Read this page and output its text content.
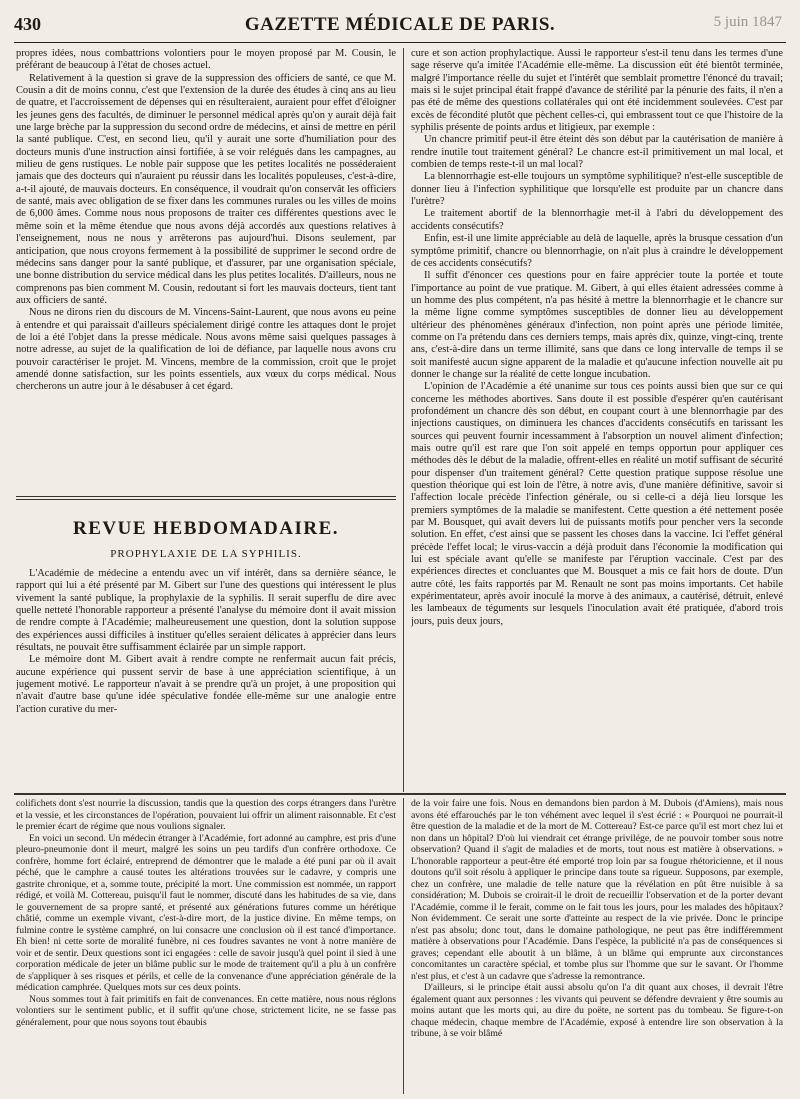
430	GAZETTE MÉDICALE DE PARIS.	5 juin 1847

propres idées, nous combattrions volontiers pour le moyen proposé par M. Cousin, le préférant de beaucoup à l'état de choses actuel.

Relativement à la question si grave de la suppression des officiers de santé, ce que M. Cousin a dit de moins connu, c'est que l'extension de la durée des études à cinq ans au lieu de quatre, et l'accroissement de dépenses qui en résulteraient, auraient pour effet d'éloigner les jeunes gens des facultés, de diminuer le personnel médical après qu'on y aurait déjà fait une large brèche par la suppression du second ordre de médecins, et ainsi de mettre en péril la santé publique. C'est, en second lieu, qu'il y aurait une sorte d'humiliation pour des docteurs munis d'une instruction ainsi fortifiée, à se voir relégués dans les campagnes, au milieu de gens rustiques. Le noble pair suppose que les petites localités ne posséderaient jamais que des docteurs qui n'auraient pu réussir dans les localités populeuses, c'est-à-dire, a-t-il ajouté, de mauvais docteurs. En conséquence, il voudrait qu'on conservât les officiers de santé, mais avec obligation de se fixer dans les communes rurales ou les villes de moins de 6,000 âmes. Comme nous nous proposons de traiter ces différentes questions avec le même soin et la même étendue que nous avons déjà accordés aux questions relatives à l'enseignement, nous ne nous y arrêterons pas aujourd'hui. Disons seulement, par anticipation, que nous croyons fermement à la possibilité de supprimer le second ordre de médecins sans danger pour la santé publique, et d'assurer, par une organisation spéciale, une bonne distribution du service médical dans les plus petites localités. D'ailleurs, nous ne comprenons pas bien comment M. Cousin, redoutant si fort les mauvais docteurs, tient tant aux officiers de santé.

Nous ne dirons rien du discours de M. Vincens-Saint-Laurent, que nous avons eu peine à entendre et qui paraissait d'ailleurs spécialement dirigé contre les attaques dont le projet de loi a été l'objet dans la presse médicale. Nous avons même saisi quelques passages à notre adresse, au sujet de la qualification de loi de défiance, par laquelle nous avons cru pouvoir caractériser le projet. M. Vincens, membre de la commission, croit que le projet amendé donne satisfaction, sur les points essentiels, aux vœux du corps médical. Nous chercherons un autre jour à le désabuser à cet égard.

REVUE HEBDOMADAIRE.
PROPHYLAXIE DE LA SYPHILIS.

L'Académie de médecine a entendu avec un vif intérêt, dans sa dernière séance, le rapport qui lui a été présenté par M. Gibert sur l'une des questions qui intéressent le plus vivement la santé publique, la prophylaxie de la syphilis. Il serait superflu de dire avec quelle netteté l'honorable rapporteur a présenté l'analyse du mémoire dont il avait mission de rendre compte à l'Académie; malheureusement une question, dont la solution suppose des expériences aussi difficiles à instituer qu'elles seraient délicates à apprécier dans leurs résultats, ne pouvait être suffisamment éclairée par un simple rapport.

Le mémoire dont M. Gibert avait à rendre compte ne renfermait aucun fait précis, aucune expérience qui pussent servir de base à une appréciation scientifique, à un jugement motivé. Le rapporteur n'avait à se prendre qu'à un projet, à une proposition qui n'avait d'autre base qu'une idée spéculative fondée elle-même sur une analogie entre l'action curative du mer-

cure et son action prophylactique. Aussi le rapporteur s'est-il tenu dans les termes d'une sage réserve qu'a imitée l'Académie elle-même. La discussion eût été bientôt terminée, malgré l'importance réelle du sujet et l'intérêt que semblait promettre l'énoncé du travail; mais si le sujet principal était frappé d'avance de stérilité par la pénurie des faits, il n'en a pas été de même des questions collatérales qui ont été incidemment soulevées. C'est par excès de fécondité plutôt que pèchent celles-ci, qui embrassent tout ce que l'histoire de la syphilis présente de points ardus et litigieux, par exemple :

Un chancre primitif peut-il être éteint dès son début par la cautérisation de manière à rendre inutile tout traitement général? Le chancre est-il primitivement un mal local, et combien de temps reste-t-il un mal local?

La blennorrhagie est-elle toujours un symptôme syphilitique? n'est-elle susceptible de donner lieu à l'infection syphilitique que lorsqu'elle est produite par un chancre dans l'urètre?

Le traitement abortif de la blennorrhagie met-il à l'abri du développement des accidents consécutifs?

Enfin, est-il une limite appréciable au delà de laquelle, après la brusque cessation d'un symptôme primitif, chancre ou blennorrhagie, on n'ait plus à craindre le développement de ces accidents consécutifs?

Il suffit d'énoncer ces questions pour en faire apprécier toute la portée et toute l'importance au point de vue pratique. M. Gibert, à qui elles étaient adressées comme à un homme des plus compétent, n'a pas hésité à mettre la blennorrhagie et le chancre sur la même ligne comme symptômes susceptibles de donner lieu au développement ultérieur des phénomènes généraux d'infection, non point après une période limitée, comme on l'a prétendu dans ces derniers temps, mais après dix, quinze, vingt-cinq, trente ans, c'est-à-dire dans un terme illimité, sans que dans ce long intervalle de temps il se soit manifesté aucun signe apparent de la maladie et qu'aucune infection nouvelle ait pu donner le change sur la réalité de cette longue incubation.

L'opinion de l'Académie a été unanime sur tous ces points aussi bien que sur ce qui concerne les méthodes abortives. Sans doute il est possible d'espérer qu'en cautérisant profondément un chancre dès son début, en coupant court à une blennorrhagie par des injections caustiques, on diminuera les chances d'accidents consécutifs en tarissant les sources qui peuvent fournir incessamment à l'absorption un nouvel aliment d'infection; mais outre qu'il est rare que l'on soit appelé en temps opportun pour appliquer ces méthodes dès le début de la maladie, offrent-elles en réalité un motif suffisant de sécurité pour dispenser d'un traitement général? Cette question pratique suppose résolue une question théorique qui est loin de l'être, à notre avis, d'une manière définitive, savoir si l'affection locale précède l'infection générale, ou si celle-ci a déjà lieu lorsque les premiers symptômes de la maladie se manifestent. Cette question a été nettement posée par M. Bousquet, qui avait devers lui de puissants motifs pour pencher vers la seconde solution. En effet, c'est ainsi que se passent les choses dans la vaccine. Ici l'effet général précède l'effet local; le virus-vaccin a déjà produit dans l'économie la modification qui lui est spéciale avant qu'elle se manifeste par l'éruption vaccinale. C'est par des expériences directes et concluantes que M. Bousquet a mis ce fait hors de doute. D'un autre côté, les faits rapportés par M. Renault ne sont pas moins importants. Cet habile expérimentateur, après avoir inoculé la morve à des animaux, a cautérisé, détruit, enlevé les lambeaux de téguments sur lesquels l'inoculation avait été pratiquée, d'abord trois jours, puis deux jours,

colifichets dont s'est nourrie la discussion, tandis que la question des corps étrangers dans l'urètre et la vessie, et les circonstances de l'opération, pouvaient lui offrir un aliment raisonnable. Et c'est le premier écart de régime que nous voulions signaler.

En voici un second. Un médecin étranger à l'Académie, fort adonné au camphre, est pris d'une pleuro-pneumonie dont il meurt, malgré les soins un peu tardifs d'un confrère orthodoxe. Ce confrère, homme fort éclairé, entreprend de démontrer que le malade a été puni par où il avait péché, que le camphre a causé toutes les altérations trouvées sur le cadavre, y compris une gastrite chronique, et a, somme toute, précipité la mort. Une commission est nommée, un rapport rédigé, et voilà M. Cottereau, puisqu'il faut le nommer, discuté dans les habitudes de sa vie, dans le gouvernement de sa propre santé, et présenté aux générations futures comme un hérétique châtié, comme un exemple vivant, c'est-à-dire mort, de la justice divine. En même temps, on fulmine contre le système camphré, on lui consacre une conclusion où il est tancé d'importance. Eh bien! ni cette sorte de moralité funèbre, ni ces foudres savantes ne vont à notre manière de voir et de sentir. Deux questions sont ici engagées : celle de savoir jusqu'à quel point il sied à une corporation médicale de jeter un blâme public sur le mode de traitement qu'il a plu à un confrère de s'appliquer à ses risques et périls, et celle de la convenance d'une appréciation générale de la médication camphrée. Quelques mots sur ces deux points.

Nous sommes tout à fait primitifs en fait de convenances. En cette matière, nous nous réglons volontiers sur le sentiment public, et il suffit qu'une chose, strictement licite, ne se fasse pas généralement, pour que nous soyons tout ébaubis

de la voir faire une fois. Nous en demandons bien pardon à M. Dubois (d'Amiens), mais nous avons été effarouchés par le ton véhément avec lequel il s'est écrié : « Pourquoi ne pourrait-il être question de la maladie et de la mort de M. Cottereau? Est-ce parce qu'il est mort chez lui et non dans un hôpital? D'où lui viendrait cet étrange privilége, de ne pouvoir tomber sous notre observation? Quand il s'agit de maladies et de morts, tout nous est matière à observations. » L'honorable rapporteur a peut-être été emporté trop loin par sa fougue rhétoricienne, et il nous doutons qu'il soit résolu à appliquer le principe dans toute sa rigueur. Supposons, par exemple, chez un confrère, une maladie de telle nature que la révélation en pût être nuisible à sa considération; M. Dubois se croirait-il le droit de recueillir l'observation et de la porter devant l'Académie, comme il le ferait, comme on le fait tous les jours, pour les malades des hôpitaux? Non évidemment. Ce serait une sorte d'atteinte au respect de la vie privée. Donc le principe n'est pas absolu; donc tout, dans le domaine pathologique, ne peut pas être indifféremment matière à observations pour l'Académie. Dans l'espèce, la publicité n'a pas de conséquences si graves; cependant elle aboutit à un blâme, à un blâme qui emprunte aux circonstances concomitantes un caractère spécial, et tombe plus sur l'homme que sur le savant. Or l'homme n'est plus, et c'est à un cadavre que s'adresse la remontrance.

D'ailleurs, si le principe était aussi absolu qu'on l'a dit quant aux choses, il devrait l'être également quant aux personnes : les vivants qui peuvent se défendre devraient y être soumis au moins autant que les morts qui, au dire du poëte, ne sortent pas du tombeau. Se figure-t-on chaque médecin, chaque membre de l'Académie, exposé à entendre lire son observation à la tribune, à se voir blâmé
